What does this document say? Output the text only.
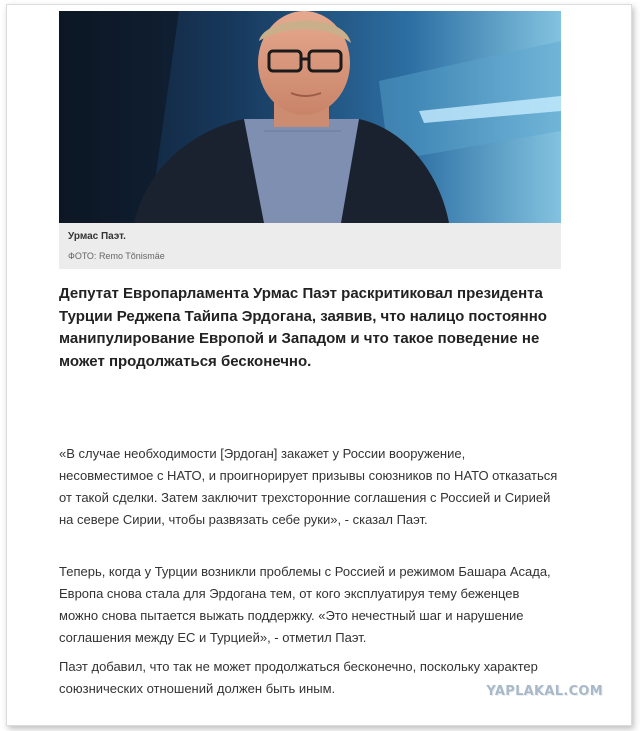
Урмас Паэт.
ФОТО: Remo Tõnismäe

Депутат Европарламента Урмас Паэт раскритиковал президента Турции Реджепа Тайипа Эрдогана, заявив, что налицо постоянно манипулирование Европой и Западом и что такое поведение не может продолжаться бесконечно.

«В случае необходимости [Эрдоган] закажет у России вооружение, несовместимое с НАТО, и проигнорирует призывы союзников по НАТО отказаться от такой сделки. Затем заключит трехсторонние соглашения с Россией и Сирией на севере Сирии, чтобы развязать себе руки», - сказал Паэт.

Теперь, когда у Турции возникли проблемы с Россией и режимом Башара Асада, Европа снова стала для Эрдогана тем, от кого эксплуатируя тему беженцев можно снова пытается выжать поддержку. «Это нечестный шаг и нарушение соглашения между ЕС и Турцией», - отметил Паэт.

Паэт добавил, что так не может продолжаться бесконечно, поскольку характер союзнических отношений должен быть иным.	YAPLAKAL.COM
